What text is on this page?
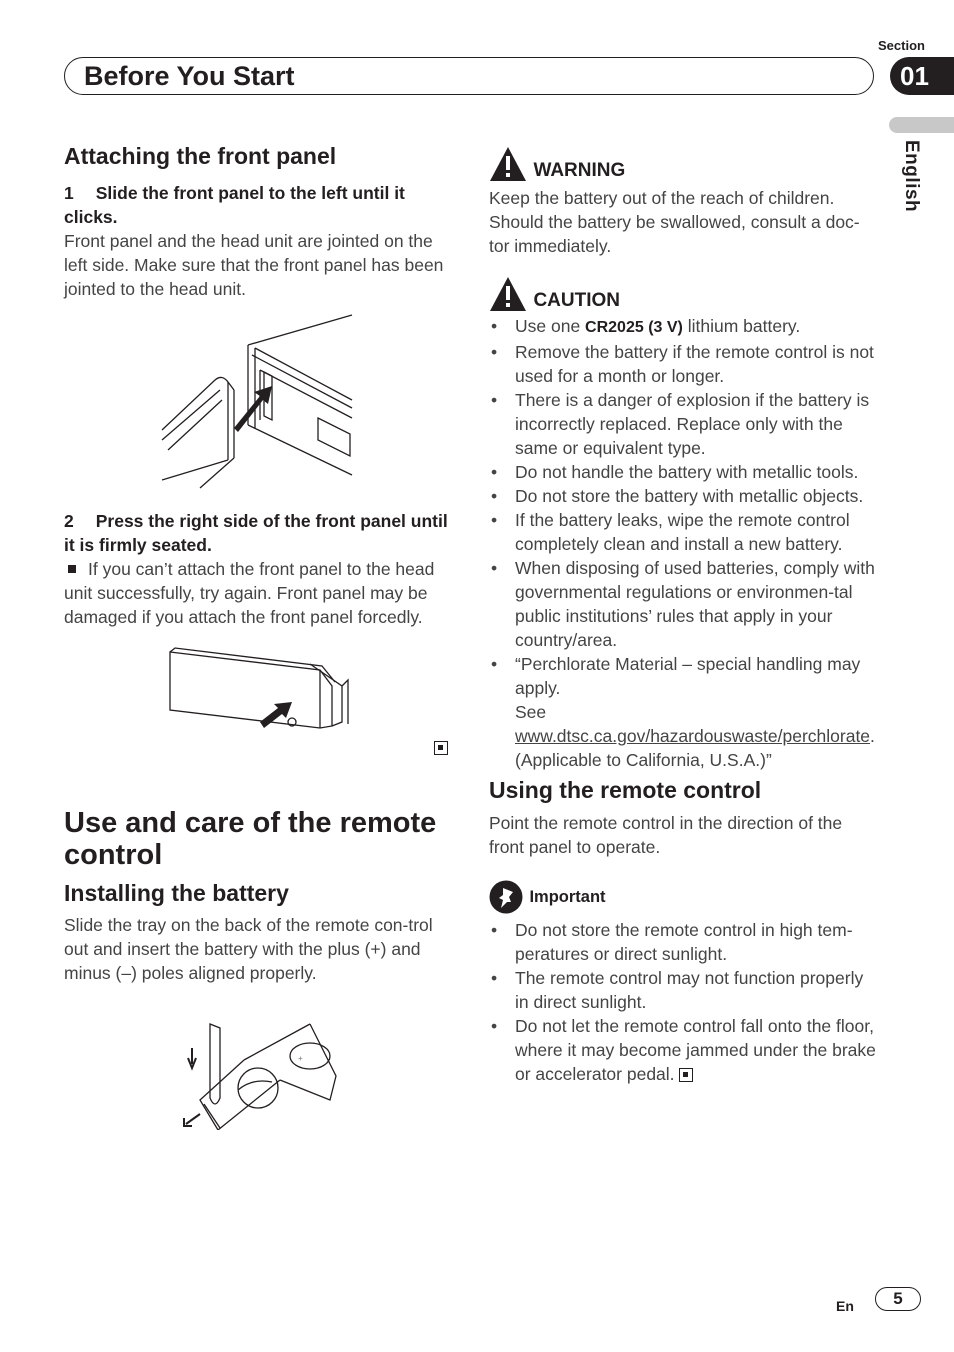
Section
Before You Start	01
English
Attaching the front panel
1 Slide the front panel to the left until it clicks.
Front panel and the head unit are jointed on the left side. Make sure that the front panel has been jointed to the head unit.
2 Press the right side of the front panel until it is firmly seated.
If you can’t attach the front panel to the head unit successfully, try again. Front panel may be damaged if you attach the front panel forcedly.
Use and care of the remote control
Installing the battery
Slide the tray on the back of the remote con-trol out and insert the battery with the plus (+) and minus (–) poles aligned properly.
+
WARNING
Keep the battery out of the reach of children. Should the battery be swallowed, consult a doc-tor immediately.
CAUTION
• Use one CR2025 (3 V) lithium battery.
• Remove the battery if the remote control is not used for a month or longer.
• There is a danger of explosion if the battery is incorrectly replaced. Replace only with the same or equivalent type.
• Do not handle the battery with metallic tools.
• Do not store the battery with metallic objects.
• If the battery leaks, wipe the remote control completely clean and install a new battery.
• When disposing of used batteries, comply with governmental regulations or environmen-tal public institutions’ rules that apply in your country/area.
• “Perchlorate Material – special handling may apply.
See www.dtsc.ca.gov/hazardouswaste/perchlorate. (Applicable to California, U.S.A.)”
Using the remote control
Point the remote control in the direction of the front panel to operate.
Important
• Do not store the remote control in high tem-peratures or direct sunlight.
• The remote control may not function properly in direct sunlight.
• Do not let the remote control fall onto the floor, where it may become jammed under the brake or accelerator pedal.
En	5
